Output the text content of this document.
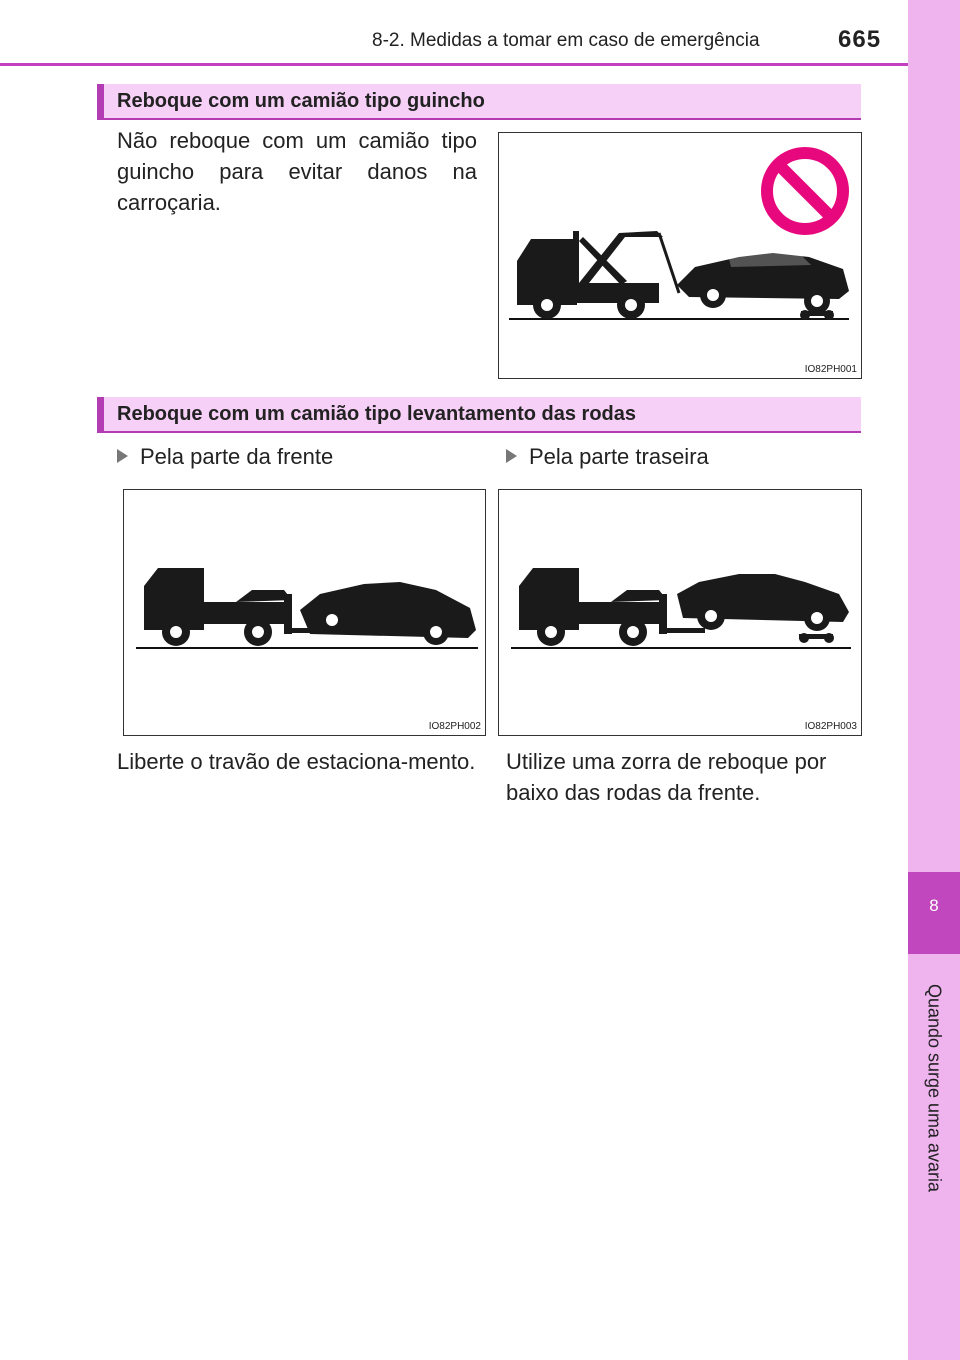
8-2. Medidas a tomar em caso de emergência	665
8
Quando surge uma avaria
Reboque com um camião tipo guincho
Não reboque com um camião tipo guincho para evitar danos na carroçaria.
IO82PH001
Reboque com um camião tipo levantamento das rodas
Pela parte da frente	Pela parte traseira
IO82PH002	IO82PH003
Liberte o travão de estaciona-mento. Utilize uma zorra de reboque por baixo das rodas da frente.
